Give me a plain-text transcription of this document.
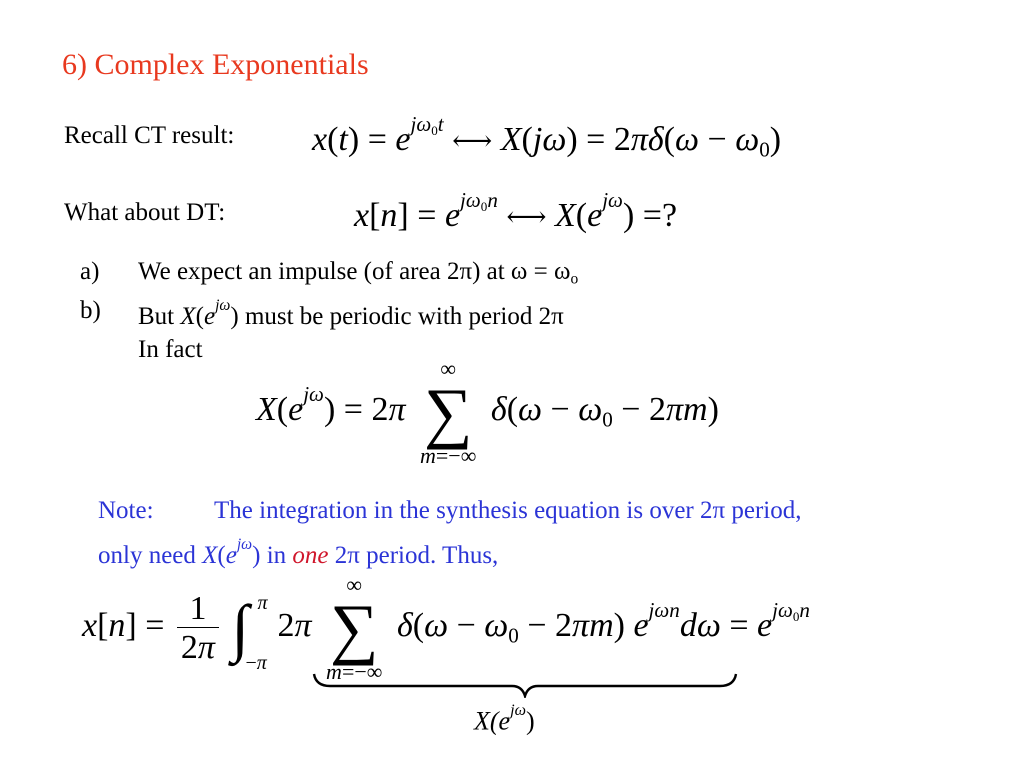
6) Complex Exponentials
Recall CT result: $x(t) = e^{j\omega_0t}$ ⟷ $X(j\omega) = 2\pi\delta(\omega - \omega_0)$
What about DT:	$x[n] = e^{j\omega_0n}$ ⟷ $X(e^{j\omega})$ =?
a) We expect an impulse (of area 2π) at $\omega = \omega_o$
b) But $X(e^{j\omega})$ must be periodic with period 2π
In fact
$X(e^{j\omega}) = 2\pi$
∞
∑
m=−∞
$\delta(\omega - \omega_0 - 2\pi m)$
Note: The integration in the synthesis equation is over 2π period,
only need $X(e^{j\omega})$ in one 2π period. Thus,
$x[n] = \frac{1}{2\pi}$ ∫ π
−π
2π
∞
∑
m=−∞
$\delta(\omega - \omega_0 - 2\pi m)$ $e^{j\omega n}d\omega = e^{j\omega_0n}$
$X(e^{j\omega})$
